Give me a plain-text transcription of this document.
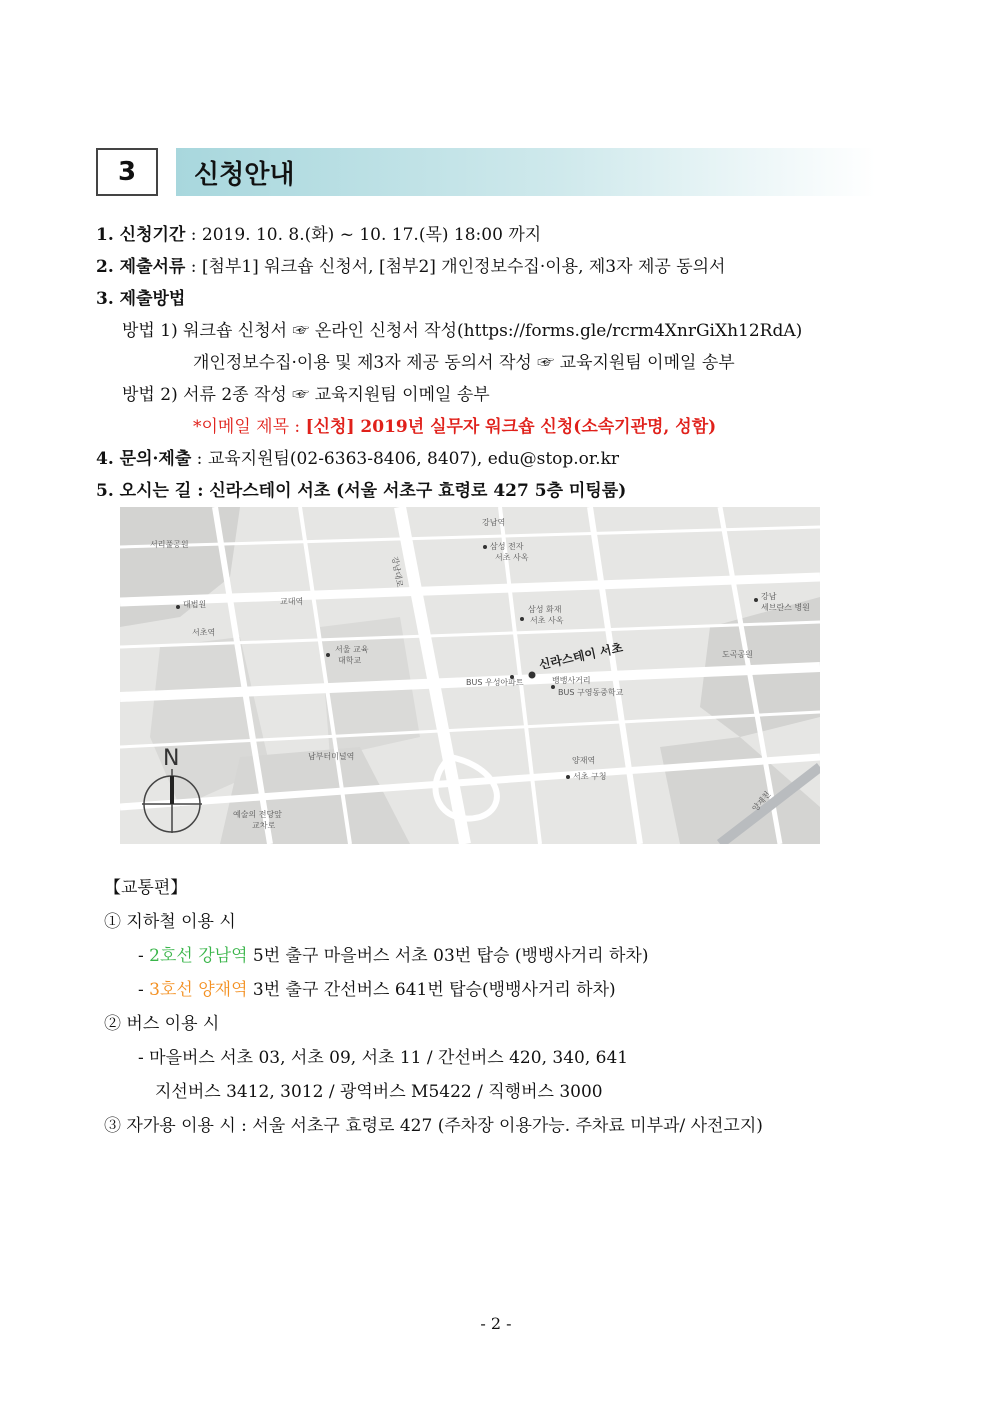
3	신청안내
1. 신청기간 : 2019. 10. 8.(화) ~ 10. 17.(목) 18:00 까지
2. 제출서류 : [첨부1] 워크숍 신청서, [첨부2] 개인정보수집·이용, 제3자 제공 동의서
3. 제출방법
방법 1) 워크숍 신청서 ☞ 온라인 신청서 작성(https://forms.gle/rcrm4XnrGiXh12RdA)
개인정보수집·이용 및 제3자 제공 동의서 작성 ☞ 교육지원팀 이메일 송부
방법 2) 서류 2종 작성 ☞ 교육지원팀 이메일 송부
*이메일 제목 : [신청] 2019년 실무자 워크숍 신청(소속기관명, 성함)
4. 문의·제출 : 교육지원팀(02-6363-8406, 8407), edu@stop.or.kr
5. 오시는 길 : 신라스테이 서초 (서울 서초구 효령로 427 5층 미팅룸)
서리풀공원
강남역
삼성 전자
서초 사옥
삼성 화재
서초 사옥
대법원
서초역
교대역
서울 교육
대학교
강남대로
신라스테이 서초
BUS 우성아파트	뱅뱅사거리
BUS 구영동중학교
강남
세브란스 병원
도곡공원
남부터미널역	양재역
서초 구청
예술의 전당앞
교차로
양재천
N
【교통편】
① 지하철 이용 시
- 2호선 강남역 5번 출구 마을버스 서초 03번 탑승 (뱅뱅사거리 하차)
- 3호선 양재역 3번 출구 간선버스 641번 탑승(뱅뱅사거리 하차)
② 버스 이용 시
- 마을버스 서초 03, 서초 09, 서초 11 / 간선버스 420, 340, 641
지선버스 3412, 3012 / 광역버스 M5422 / 직행버스 3000
③ 자가용 이용 시 : 서울 서초구 효령로 427 (주차장 이용가능. 주차료 미부과/ 사전고지)
- 2 -
